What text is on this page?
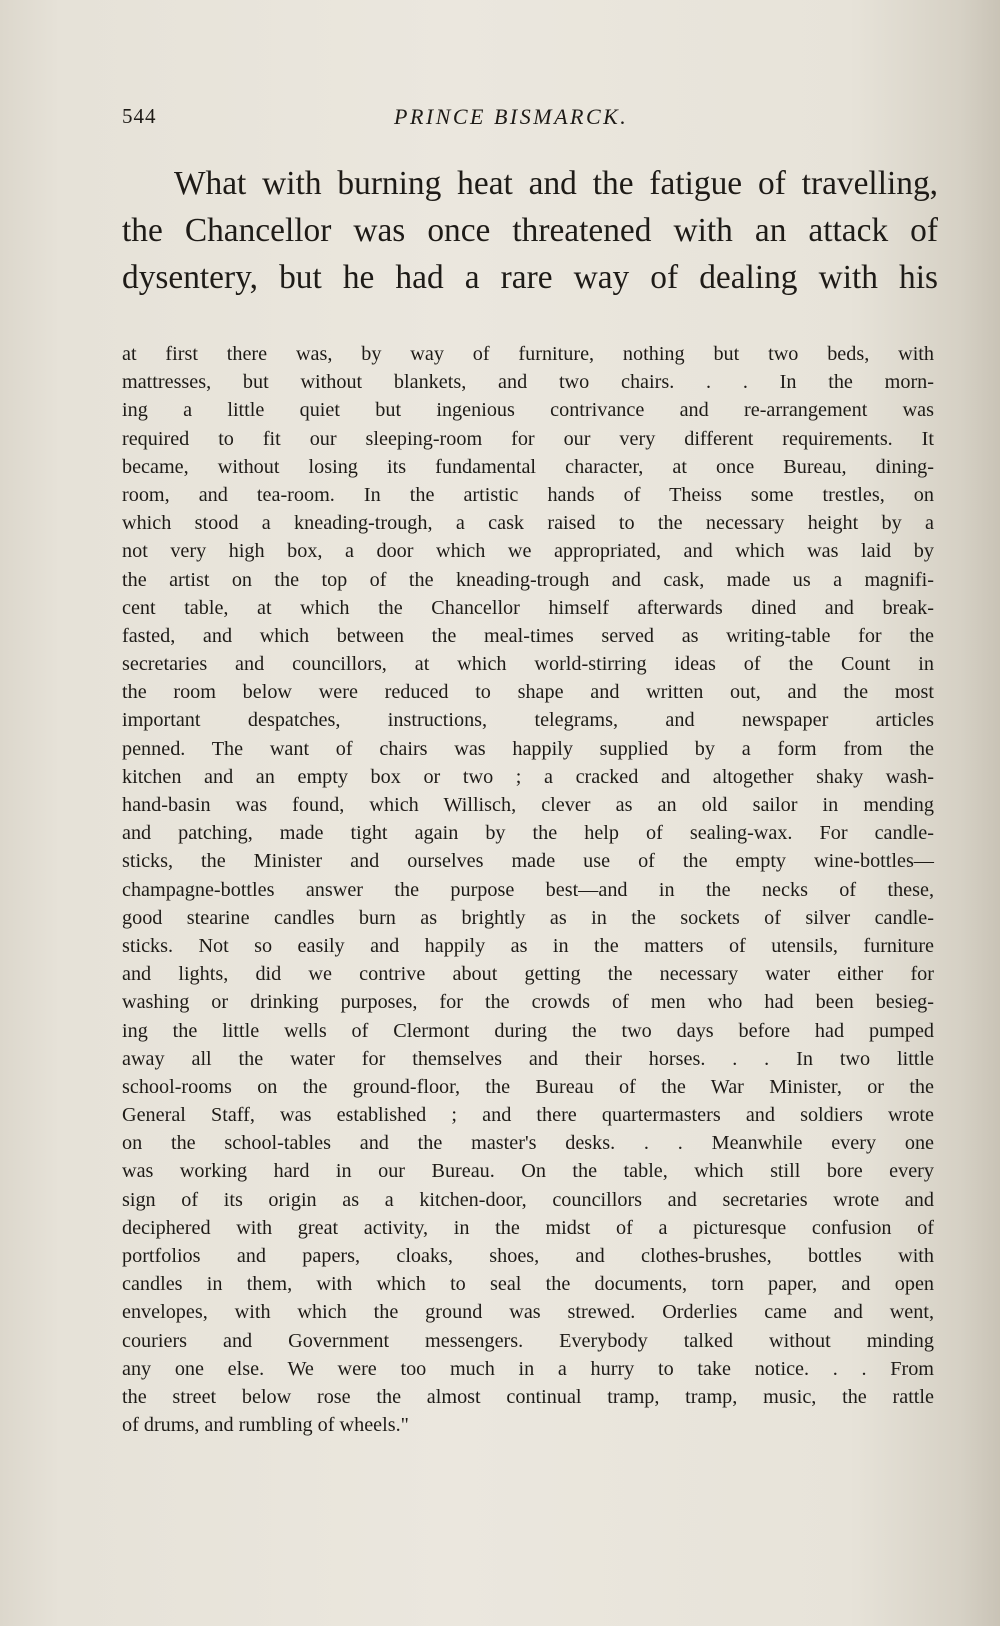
544	PRINCE BISMARCK.
What with burning heat and the fatigue of travelling,
the Chancellor was once threatened with an attack of
dysentery, but he had a rare way of dealing with his
at first there was, by way of furniture, nothing but two beds, with
mattresses, but without blankets, and two chairs. . . In the morn-
ing a little quiet but ingenious contrivance and re-arrangement was
required to fit our sleeping-room for our very different requirements. It
became, without losing its fundamental character, at once Bureau, dining-
room, and tea-room. In the artistic hands of Theiss some trestles, on
which stood a kneading-trough, a cask raised to the necessary height by a
not very high box, a door which we appropriated, and which was laid by
the artist on the top of the kneading-trough and cask, made us a magnifi-
cent table, at which the Chancellor himself afterwards dined and break-
fasted, and which between the meal-times served as writing-table for the
secretaries and councillors, at which world-stirring ideas of the Count in
the room below were reduced to shape and written out, and the most
important despatches, instructions, telegrams, and newspaper articles
penned. The want of chairs was happily supplied by a form from the
kitchen and an empty box or two ; a cracked and altogether shaky wash-
hand-basin was found, which Willisch, clever as an old sailor in mending
and patching, made tight again by the help of sealing-wax. For candle-
sticks, the Minister and ourselves made use of the empty wine-bottles—
champagne-bottles answer the purpose best—and in the necks of these,
good stearine candles burn as brightly as in the sockets of silver candle-
sticks. Not so easily and happily as in the matters of utensils, furniture
and lights, did we contrive about getting the necessary water either for
washing or drinking purposes, for the crowds of men who had been besieg-
ing the little wells of Clermont during the two days before had pumped
away all the water for themselves and their horses. . . In two little
school-rooms on the ground-floor, the Bureau of the War Minister, or the
General Staff, was established ; and there quartermasters and soldiers wrote
on the school-tables and the master's desks. . . Meanwhile every one
was working hard in our Bureau. On the table, which still bore every
sign of its origin as a kitchen-door, councillors and secretaries wrote and
deciphered with great activity, in the midst of a picturesque confusion of
portfolios and papers, cloaks, shoes, and clothes-brushes, bottles with
candles in them, with which to seal the documents, torn paper, and open
envelopes, with which the ground was strewed. Orderlies came and went,
couriers and Government messengers. Everybody talked without minding
any one else. We were too much in a hurry to take notice. . . From
the street below rose the almost continual tramp, tramp, music, the rattle
of drums, and rumbling of wheels."
